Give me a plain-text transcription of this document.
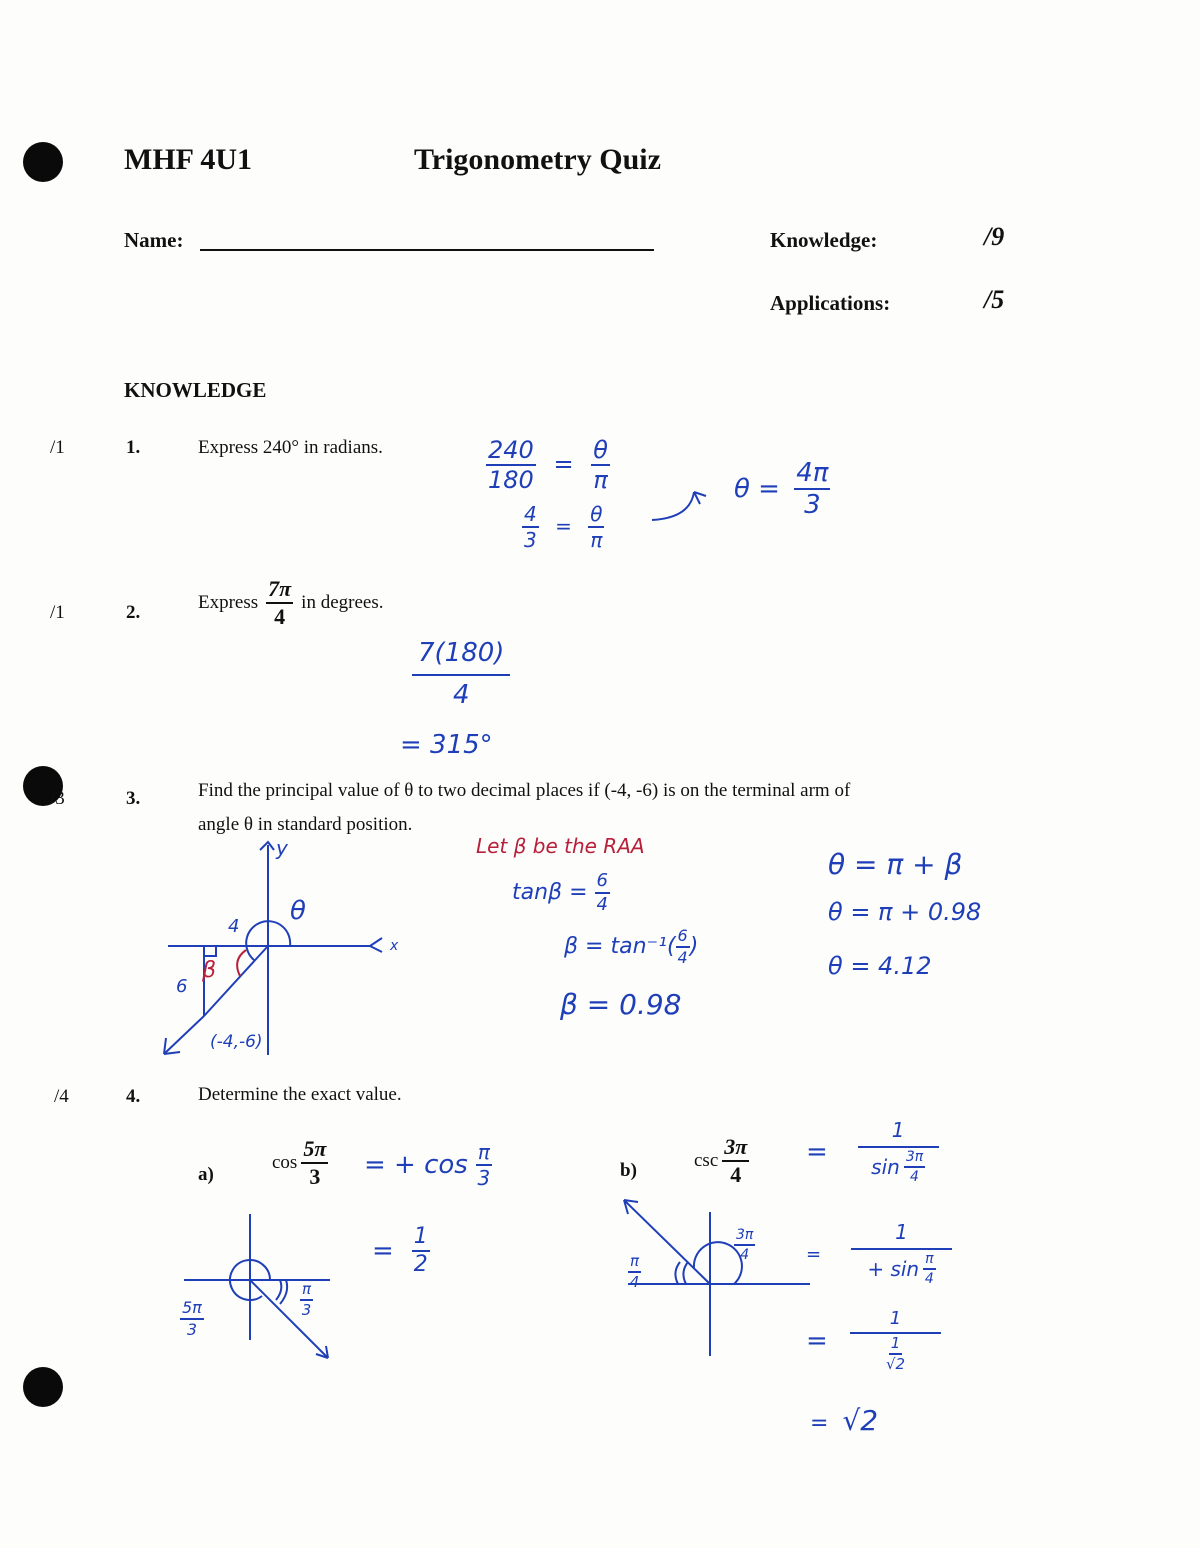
MHF 4U1	Trigonometry Quiz
Name:	Knowledge:	/9
Applications:	/5
KNOWLEDGE
/1	1.	Express 240° in radians.	$\frac{240}{180} = \frac{\theta}{\pi}$
$\frac{4}{3} = \frac{\theta}{\pi}$
$\theta = \frac{4\pi}{3}$
/1	2.	Express $\frac{7\pi}{4}$ in degrees.
$\frac{7(180)}{4}$
= 315°
/3	3.	Find the principal value of θ to two decimal places if (-4, -6) is on the terminal arm of
angle θ in standard position.
y
x
θ
4
6
β
(-4,-6)
Let β be the RAA
$\tan\beta = \frac{6}{4}$
$\beta = \tan^{-1}( \frac{6}{4}$ )
β = 0.98
θ = π + β
θ = π + 0.98
θ = 4.12
/4	4.	Determine the exact value.
a)
$\cos \frac{5\pi}{3}$ = + $\cos \frac{\pi}{3}$
= $\frac{1}{2}$
$\frac{5\pi}{3}$	$\frac{\pi}{3}$
b)	$\csc \frac{3\pi}{4}$
$\frac{\pi}{4}$
$\frac{3\pi}{4}$
= $\frac{1}{\sin \frac{3\pi}{4}}$
= $\frac{1}{+ \sin \frac{\pi}{4}}$
= $\frac{1}{\frac{1}{√2}}$
= √2
